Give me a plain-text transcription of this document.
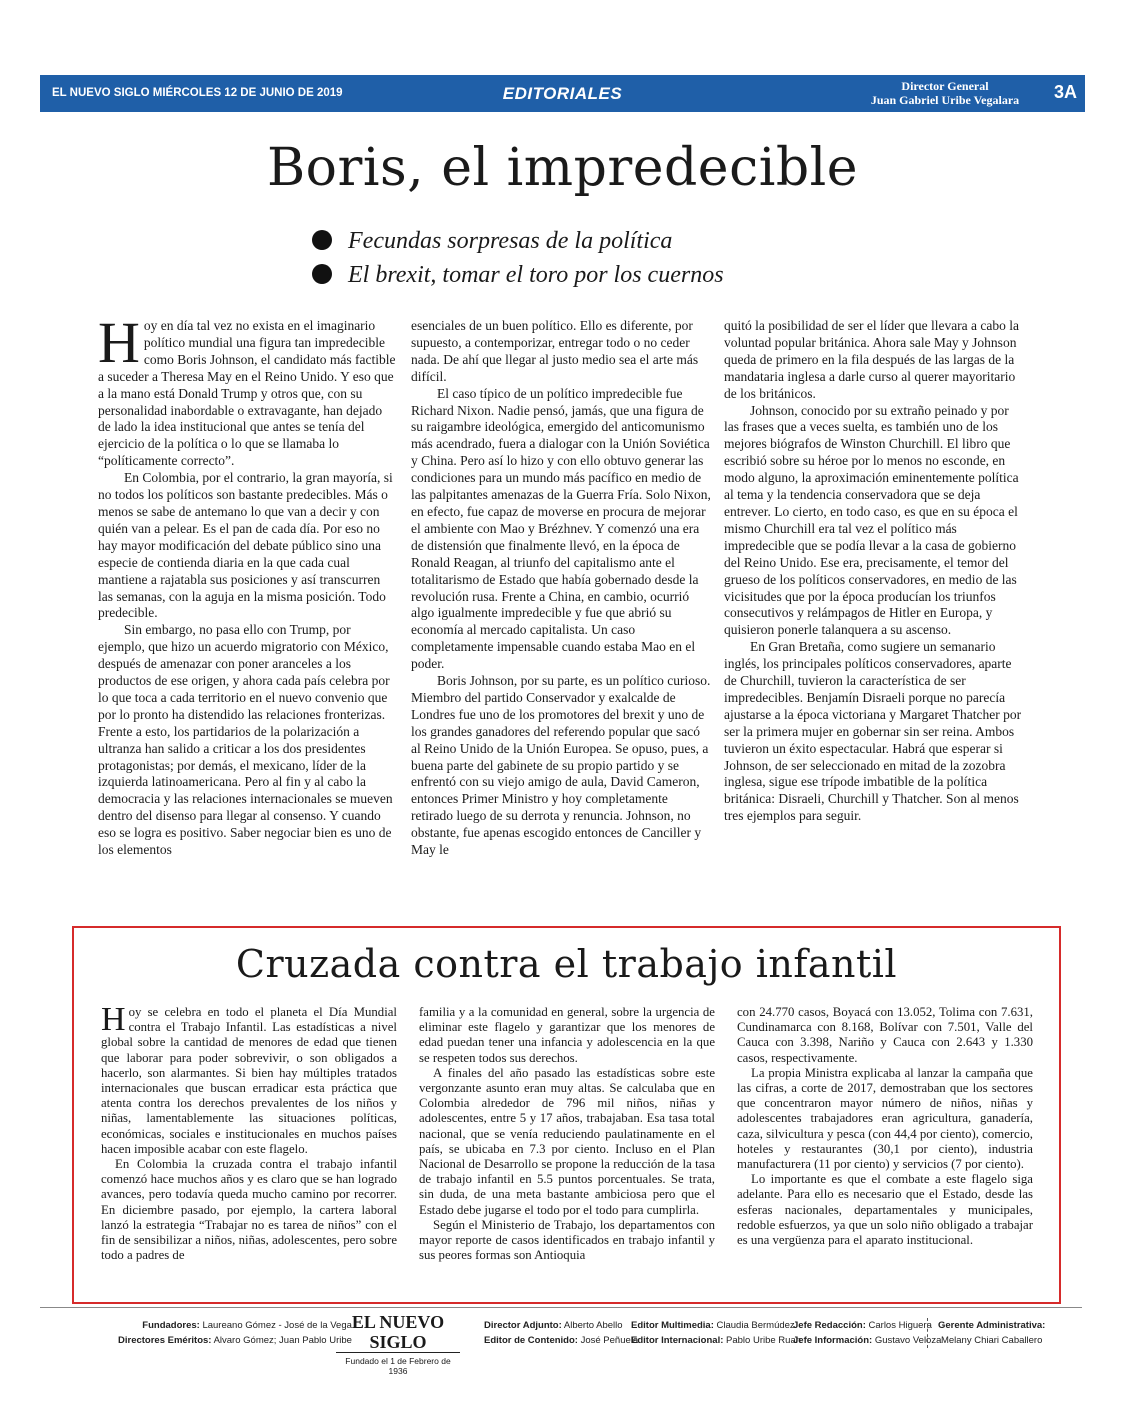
EL NUEVO SIGLO MIÉRCOLES 12 DE JUNIO DE 2019	EDITORIALES	Director General
Juan Gabriel Uribe Vegalara	3A
Boris, el impredecible
Fecundas sorpresas de la política
El brexit, tomar el toro por los cuernos

Hoy en día tal vez no exista en el imaginario político mundial una figura tan impredecible como Boris Johnson, el candidato más factible a suceder a Theresa May en el Reino Unido. Y eso que a la mano está Donald Trump y otros que, con su personalidad inabordable o extravagante, han dejado de lado la idea institucional que antes se tenía del ejercicio de la política o lo que se llamaba lo “políticamente correcto”.

En Colombia, por el contrario, la gran mayoría, si no todos los políticos son bastante predecibles. Más o menos se sabe de antemano lo que van a decir y con quién van a pelear. Es el pan de cada día. Por eso no hay mayor modificación del debate público sino una especie de contienda diaria en la que cada cual mantiene a rajatabla sus posiciones y así transcurren las semanas, con la aguja en la misma posición. Todo predecible.

Sin embargo, no pasa ello con Trump, por ejemplo, que hizo un acuerdo migratorio con México, después de amenazar con poner aranceles a los productos de ese origen, y ahora cada país celebra por lo que toca a cada territorio en el nuevo convenio que por lo pronto ha distendido las relaciones fronterizas. Frente a esto, los partidarios de la polarización a ultranza han salido a criticar a los dos presidentes protagonistas; por demás, el mexicano, líder de la izquierda latinoamericana. Pero al fin y al cabo la democracia y las relaciones internacionales se mueven dentro del disenso para llegar al consenso. Y cuando eso se logra es positivo. Saber negociar bien es uno de los elementos

esenciales de un buen político. Ello es diferente, por supuesto, a contemporizar, entregar todo o no ceder nada. De ahí que llegar al justo medio sea el arte más difícil.

El caso típico de un político impredecible fue Richard Nixon. Nadie pensó, jamás, que una figura de su raigambre ideológica, emergido del anticomunismo más acendrado, fuera a dialogar con la Unión Soviética y China. Pero así lo hizo y con ello obtuvo generar las condiciones para un mundo más pacífico en medio de las palpitantes amenazas de la Guerra Fría. Solo Nixon, en efecto, fue capaz de moverse en procura de mejorar el ambiente con Mao y Brézhnev. Y comenzó una era de distensión que finalmente llevó, en la época de Ronald Reagan, al triunfo del capitalismo ante el totalitarismo de Estado que había gobernado desde la revolución rusa. Frente a China, en cambio, ocurrió algo igualmente impredecible y fue que abrió su economía al mercado capitalista. Un caso completamente impensable cuando estaba Mao en el poder.

Boris Johnson, por su parte, es un político curioso. Miembro del partido Conservador y exalcalde de Londres fue uno de los promotores del brexit y uno de los grandes ganadores del referendo popular que sacó al Reino Unido de la Unión Europea. Se opuso, pues, a buena parte del gabinete de su propio partido y se enfrentó con su viejo amigo de aula, David Cameron, entonces Primer Ministro y hoy completamente retirado luego de su derrota y renuncia. Johnson, no obstante, fue apenas escogido entonces de Canciller y May le

quitó la posibilidad de ser el líder que llevara a cabo la voluntad popular británica. Ahora sale May y Johnson queda de primero en la fila después de las largas de la mandataria inglesa a darle curso al querer mayoritario de los británicos.

Johnson, conocido por su extraño peinado y por las frases que a veces suelta, es también uno de los mejores biógrafos de Winston Churchill. El libro que escribió sobre su héroe por lo menos no esconde, en modo alguno, la aproximación eminentemente política al tema y la tendencia conservadora que se deja entrever. Lo cierto, en todo caso, es que en su época el mismo Churchill era tal vez el político más impredecible que se podía llevar a la casa de gobierno del Reino Unido. Ese era, precisamente, el temor del grueso de los políticos conservadores, en medio de las vicisitudes que por la época producían los triunfos consecutivos y relámpagos de Hitler en Europa, y quisieron ponerle talanquera a su ascenso.

En Gran Bretaña, como sugiere un semanario inglés, los principales políticos conservadores, aparte de Churchill, tuvieron la característica de ser impredecibles. Benjamín Disraeli porque no parecía ajustarse a la época victoriana y Margaret Thatcher por ser la primera mujer en gobernar sin ser reina. Ambos tuvieron un éxito espectacular. Habrá que esperar si Johnson, de ser seleccionado en mitad de la zozobra inglesa, sigue ese trípode imbatible de la política británica: Disraeli, Churchill y Thatcher. Son al menos tres ejemplos para seguir.

Cruzada contra el trabajo infantil

Hoy se celebra en todo el planeta el Día Mundial contra el Trabajo Infantil. Las estadísticas a nivel global sobre la cantidad de menores de edad que tienen que laborar para poder sobrevivir, o son obligados a hacerlo, son alarmantes. Si bien hay múltiples tratados internacionales que buscan erradicar esta práctica que atenta contra los derechos prevalentes de los niños y niñas, lamentablemente las situaciones políticas, económicas, sociales e institucionales en muchos países hacen imposible acabar con este flagelo.

En Colombia la cruzada contra el trabajo infantil comenzó hace muchos años y es claro que se han logrado avances, pero todavía queda mucho camino por recorrer. En diciembre pasado, por ejemplo, la cartera laboral lanzó la estrategia “Trabajar no es tarea de niños” con el fin de sensibilizar a niños, niñas, adolescentes, pero sobre todo a padres de

familia y a la comunidad en general, sobre la urgencia de eliminar este flagelo y garantizar que los menores de edad puedan tener una infancia y adolescencia en la que se respeten todos sus derechos.

A finales del año pasado las estadísticas sobre este vergonzante asunto eran muy altas. Se calculaba que en Colombia alrededor de 796 mil niños, niñas y adolescentes, entre 5 y 17 años, trabajaban. Esa tasa total nacional, que se venía reduciendo paulatinamente en el país, se ubicaba en 7.3 por ciento. Incluso en el Plan Nacional de Desarrollo se propone la reducción de la tasa de trabajo infantil en 5.5 puntos porcentuales. Se trata, sin duda, de una meta bastante ambiciosa pero que el Estado debe jugarse el todo por el todo para cumplirla.

Según el Ministerio de Trabajo, los departamentos con mayor reporte de casos identificados en trabajo infantil y sus peores formas son Antioquia

con 24.770 casos, Boyacá con 13.052, Tolima con 7.631, Cundinamarca con 8.168, Bolívar con 7.501, Valle del Cauca con 3.398, Nariño y Cauca con 2.643 y 1.330 casos, respectivamente.

La propia Ministra explicaba al lanzar la campaña que las cifras, a corte de 2017, demostraban que los sectores que concentraron mayor número de niños, niñas y adolescentes trabajadores eran agricultura, ganadería, caza, silvicultura y pesca (con 44,4 por ciento), comercio, hoteles y restaurantes (30,1 por ciento), industria manufacturera (11 por ciento) y servicios (7 por ciento).

Lo importante es que el combate a este flagelo siga adelante. Para ello es necesario que el Estado, desde las esferas nacionales, departamentales y municipales, redoble esfuerzos, ya que un solo niño obligado a trabajar es una vergüenza para el aparato institucional.

Fundadores: Laureano Gómez - José de la Vega
Directores Eméritos: Alvaro Gómez; Juan Pablo Uribe
EL NUEVO SIGLO
Fundado el 1 de Febrero de 1936
Director Adjunto: Alberto Abello
Editor de Contenido: José Peñuela
Editor Multimedia: Claudia Bermúdez
Editor Internacional: Pablo Uribe Ruan
Jefe Redacción: Carlos Higuera
Jefe Información: Gustavo Veloza
Gerente Administrativa:
Melany Chiari Caballero
